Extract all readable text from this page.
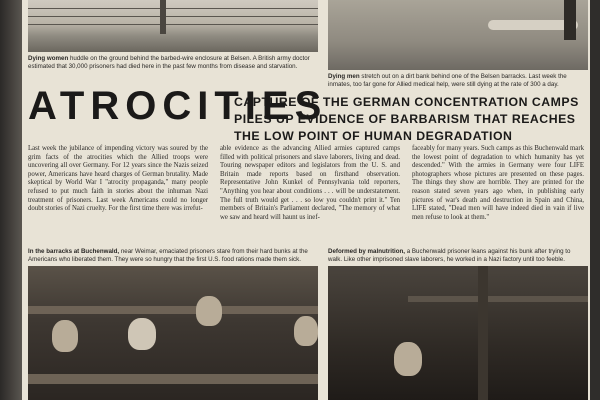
Dying women huddle on the ground behind the barbed-wire enclosure at Belsen. A British army doctor estimated that 30,000 prisoners had died here in the past few months from disease and starvation.
Dying men stretch out on a dirt bank behind one of the Belsen barracks. Last week the inmates, too far gone for Allied medical help, were still dying at the rate of 300 a day.
ATROCITIES
CAPTURE OF THE GERMAN CONCENTRATION CAMPS PILES UP EVIDENCE OF BARBARISM THAT REACHES THE LOW POINT OF HUMAN DEGRADATION
Last week the jubilance of impending victory was soured by the grim facts of the atrocities which the Allied troops were uncovering all over Germany. For 12 years since the Nazis seized power, Americans have heard charges of German brutality. Made skeptical by World War I "atrocity propaganda," many people refused to put much faith in stories about the inhuman Nazi treatment of prisoners. Last week Americans could no longer doubt stories of Nazi cruelty. For the first time there was irrefut-
able evidence as the advancing Allied armies captured camps filled with political prisoners and slave laborers, living and dead. Touring newspaper editors and legislators from the U. S. and Britain made reports based on firsthand observation. Representative John Kunkel of Pennsylvania told reporters, "Anything you hear about conditions . . . will be understatement. The full truth would get . . . so low you couldn't print it." Ten members of Britain's Parliament declared, "The memory of what we saw and heard will haunt us inef-
faceably for many years. Such camps as this Buchenwald mark the lowest point of degradation to which humanity has yet descended." With the armies in Germany were four LIFE photographers whose pictures are presented on these pages. The things they show are horrible. They are printed for the reason stated seven years ago when, in publishing early pictures of war's death and destruction in Spain and China, LIFE stated, "Dead men will have indeed died in vain if live men refuse to look at them."
In the barracks at Buchenwald, near Weimar, emaciated prisoners stare from their hard bunks at the Americans who liberated them. They were so hungry that the first U.S. food rations made them sick.
Deformed by malnutrition, a Buchenwald prisoner leans against his bunk after trying to walk. Like other imprisoned slave laborers, he worked in a Nazi factory until too feeble.
